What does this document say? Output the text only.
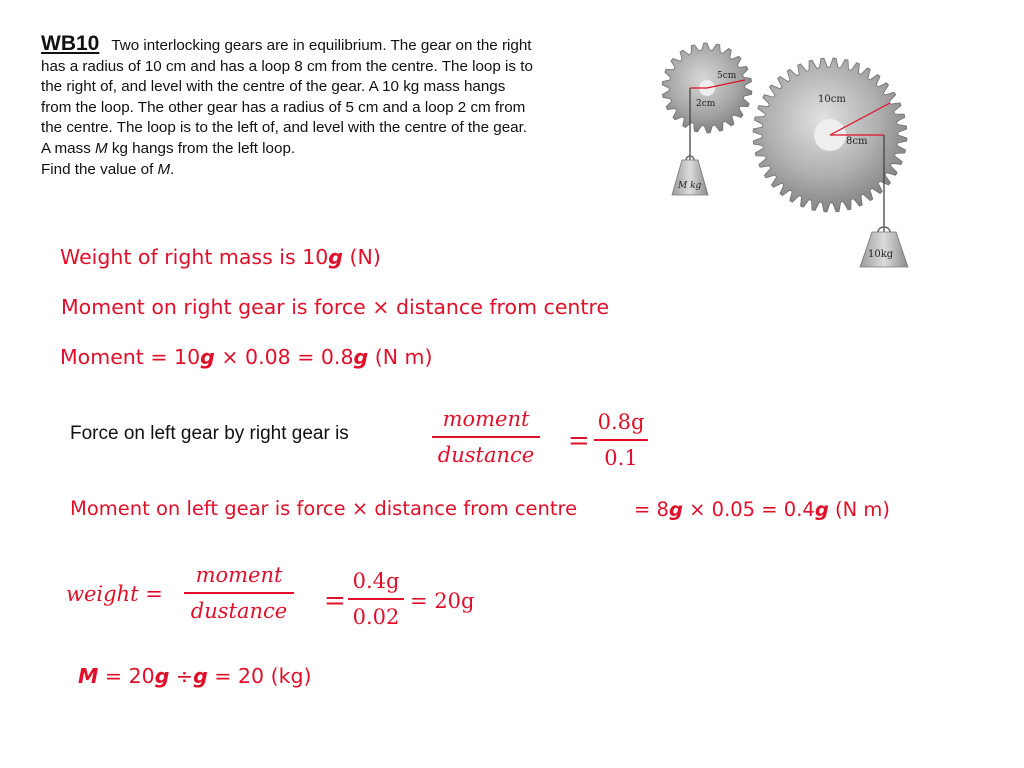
WB10 Two interlocking gears are in equilibrium. The gear on the right
has a radius of 10 cm and has a loop 8 cm from the centre. The loop is to
the right of, and level with the centre of the gear. A 10 kg mass hangs
from the loop. The other gear has a radius of 5 cm and a loop 2 cm from
the centre. The loop is to the left of, and level with the centre of the gear.
A mass M kg hangs from the left loop.
Find the value of M.
5cm
2cm	10cm
8cm
M kg
10kg
Weight of right mass is 10g (N)
Moment on right gear is force × distance from centre
Moment = 10g × 0.08 = 0.8g (N m)
Force on left gear by right gear is
moment
dustance =
0.8g
0.1
Moment on left gear is force × distance from centre	= 8g × 0.05 = 0.4g (N m)
weight =
moment
dustance =
0.4g
0.02
= 20g
M = 20g ÷g = 20 (kg)
